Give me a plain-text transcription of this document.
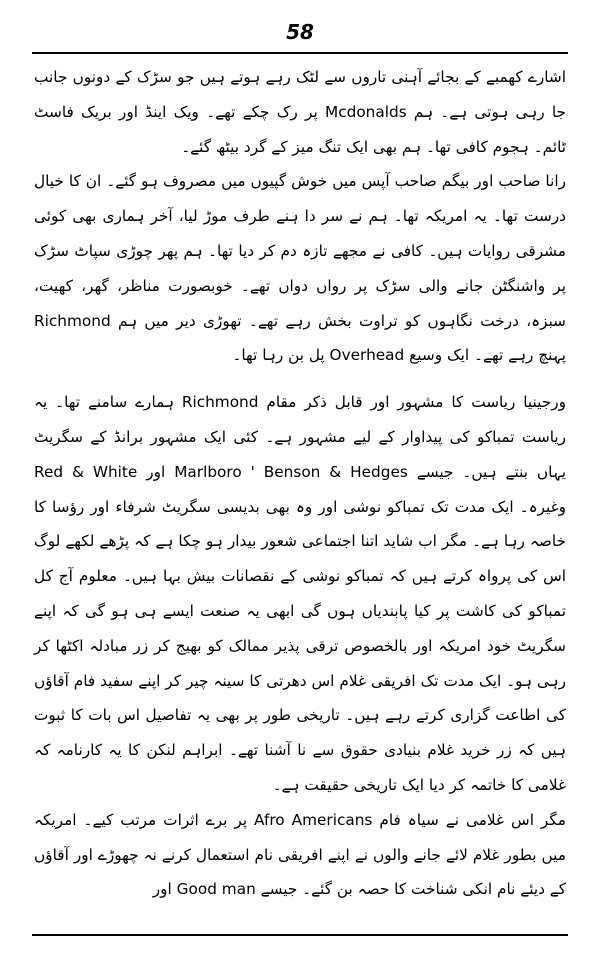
58

اشارے کھمبے کے بجائے آہنی تاروں سے لٹک رہے ہوتے ہیں جو سڑک کے دونوں جانب جا رہی ہوتی ہے۔ ہم Mcdonalds پر رک چکے تھے۔ ویک اینڈ اور بریک فاسٹ ٹائم۔ ہجوم کافی تھا۔ ہم بھی ایک تنگ میز کے گرد بیٹھ گئے۔

رانا صاحب اور بیگم صاحب آپس میں خوش گپیوں میں مصروف ہو گئے۔ ان کا خیال درست تھا۔ یہ امریکہ تھا۔ ہم نے سر دا ہنے طرف موڑ لیا، آخر ہماری بھی کوئی مشرقی روایات ہیں۔ کافی نے مجھے تازہ دم کر دیا تھا۔ ہم پھر چوڑی سپاٹ سڑک پر واشنگٹن جانے والی سڑک پر رواں دواں تھے۔ خوبصورت مناظر، گھر، کھیت، سبزہ، درخت نگاہوں کو تراوت بخش رہے تھے۔ تھوڑی دیر میں ہم Richmond پہنچ رہے تھے۔ ایک وسیع Overhead پل بن رہا تھا۔

ورجینیا ریاست کا مشہور اور قابل ذکر مقام Richmond ہمارے سامنے تھا۔ یہ ریاست تمباکو کی پیداوار کے لیے مشہور ہے۔ کئی ایک مشہور برانڈ کے سگریٹ یہاں بنتے ہیں۔ جیسے Marlboro ' Benson & Hedges اور Red & White وغیرہ۔ ایک مدت تک تمباکو نوشی اور وہ بھی بدیسی سگریٹ شرفاء اور رؤسا کا خاصہ رہا ہے۔ مگر اب شاید اتنا اجتماعی شعور بیدار ہو چکا ہے کہ پڑھے لکھے لوگ اس کی پرواہ کرتے ہیں کہ تمباکو نوشی کے نقصانات بیش بہا ہیں۔ معلوم آج کل تمباکو کی کاشت پر کیا پابندیاں ہوں گی ابھی یہ صنعت ایسے ہی ہو گی کہ اپنے سگریٹ خود امریکہ اور بالخصوص ترقی پذیر ممالک کو بھیج کر زر مبادلہ اکٹھا کر رہی ہو۔ ایک مدت تک افریقی غلام اس دھرتی کا سینہ چیر کر اپنے سفید فام آقاؤں کی اطاعت گزاری کرتے رہے ہیں۔ تاریخی طور پر بھی یہ تفاصیل اس بات کا ثبوت ہیں کہ زر خرید غلام بنیادی حقوق سے نا آشنا تھے۔ ابراہم لنکن کا یہ کارنامہ کہ غلامی کا خاتمہ کر دیا ایک تاریخی حقیقت ہے۔

مگر اس غلامی نے سیاہ فام Afro Americans پر برے اثرات مرتب کیے۔ امریکہ میں بطور غلام لائے جانے والوں نے اپنے افریقی نام استعمال کرنے نہ چھوڑے اور آقاؤں کے دیئے نام انکی شناخت کا حصہ بن گئے۔ جیسے Good man اور
